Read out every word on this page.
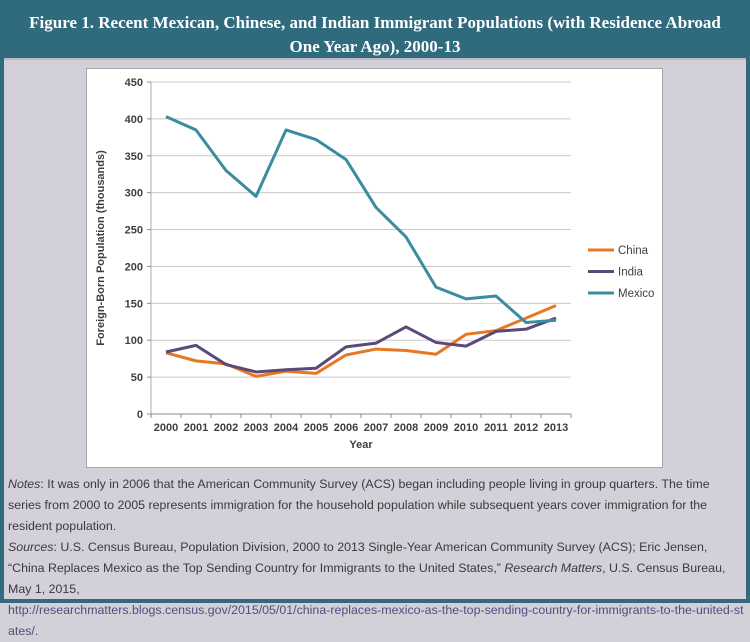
Figure 1. Recent Mexican, Chinese, and Indian Immigrant Populations (with Residence Abroad
One Year Ago), 2000-13
0
50
100
150
200
250
300
350
400
450
2000 2001 2002 2003 2004 2005 2006 2007 2008 2009 2010 2011 2012 2013
Year
Foreign-Born Population (thousands)	China
India
Mexico
Notes: It was only in 2006 that the American Community Survey (ACS) began including people living in group quarters. The time series from 2000 to 2005 represents immigration for the household population while subsequent years cover immigration for the resident population.
Sources: U.S. Census Bureau, Population Division, 2000 to 2013 Single-Year American Community Survey (ACS); Eric Jensen, “China Replaces Mexico as the Top Sending Country for Immigrants to the United States,” Research Matters, U.S. Census Bureau, May 1, 2015,
http://researchmatters.blogs.census.gov/2015/05/01/china-replaces-mexico-as-the-top-sending-country-for-immigrants-to-the-united-states/.
